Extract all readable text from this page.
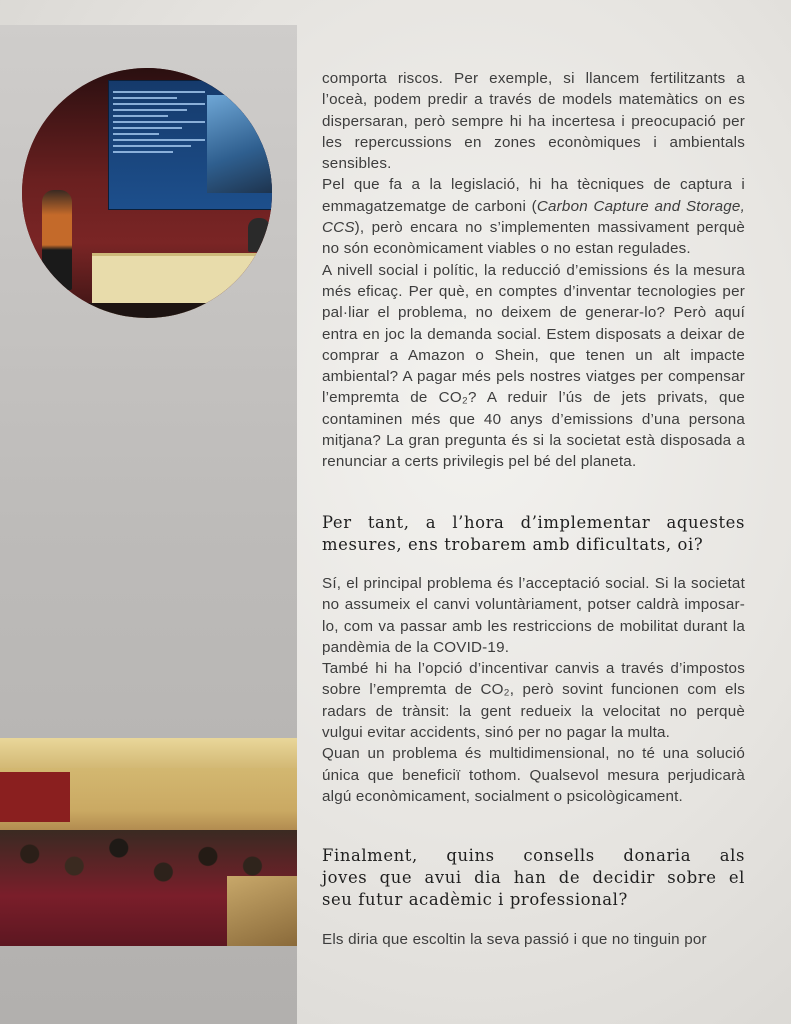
comporta riscos. Per exemple, si llancem fertilitzants a l’oceà, podem predir a través de models matemàtics on es dispersaran, però sempre hi ha incertesa i preocupació per les repercussions en zones econòmiques i ambientals sensibles.

Pel que fa a la legislació, hi ha tècniques de captura i emmagatzematge de carboni (Carbon Capture and Storage, CCS), però encara no s’implementen massivament perquè no són econòmicament viables o no estan regulades.

A nivell social i polític, la reducció d’emissions és la mesura més eficaç. Per què, en comptes d’inventar tecnologies per pal·liar el problema, no deixem de generar-lo? Però aquí entra en joc la demanda social. Estem disposats a deixar de comprar a Amazon o Shein, que tenen un alt impacte ambiental? A pagar més pels nostres viatges per compensar l’empremta de CO₂? A reduir l’ús de jets privats, que contaminen més que 40 anys d’emissions d’una persona mitjana? La gran pregunta és si la societat està disposada a renunciar a certs privilegis pel bé del planeta.

Per tant, a l’hora d’implementar aquestes
mesures, ens trobarem amb dificultats, oi?

Sí, el principal problema és l’acceptació social. Si la societat no assumeix el canvi voluntàriament, potser caldrà imposar-lo, com va passar amb les restriccions de mobilitat durant la pandèmia de la COVID-19.

També hi ha l’opció d’incentivar canvis a través d’impostos sobre l’empremta de CO₂, però sovint funcionen com els radars de trànsit: la gent redueix la velocitat no perquè vulgui evitar accidents, sinó per no pagar la multa.

Quan un problema és multidimensional, no té una solució única que beneficiï tothom. Qualsevol mesura perjudicarà algú econòmicament, socialment o psicològicament.

Finalment, quins consells donaria als
joves que avui dia han de decidir sobre el
seu futur acadèmic i professional?

Els diria que escoltin la seva passió i que no tinguin por
